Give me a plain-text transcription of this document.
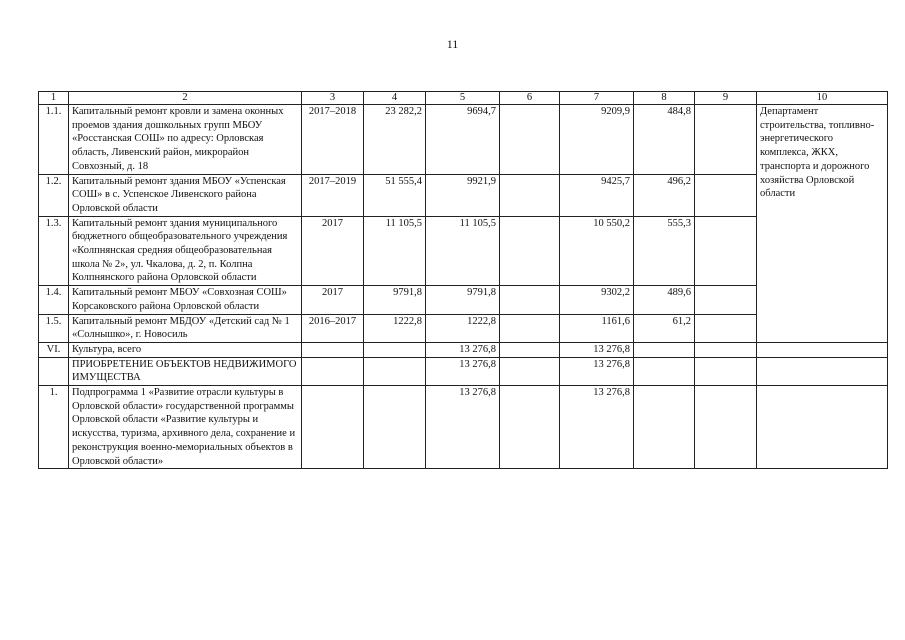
11
1	2	3	4	5	6	7	8	9	10
1.1.	Капитальный ремонт кровли и замена оконных проемов здания дошкольных групп МБОУ «Росстанская СОШ» по адресу: Орловская область, Ливенский район, микрорайон Совхозный, д. 18	2017–2018	23 282,2	9694,7		9209,9	484,8		Департамент строительства, топливно-энергетического комплекса, ЖКХ, транспорта и дорожного хозяйства Орловской области
1.2.	Капитальный ремонт здания МБОУ «Успенская СОШ» в с. Успенское Ливенского района Орловской области	2017–2019	51 555,4	9921,9		9425,7	496,2		
1.3.	Капитальный ремонт здания муниципального бюджетного общеобразовательного учреждения «Колпнянская средняя общеобразовательная школа № 2», ул. Чкалова, д. 2, п. Колпна Колпнянского района Орловской области	2017	11 105,5	11 105,5		10 550,2	555,3		
1.4.	Капитальный ремонт МБОУ «Совхозная СОШ» Корсаковского района Орловской области	2017	9791,8	9791,8		9302,2	489,6		
1.5.	Капитальный ремонт МБДОУ «Детский сад № 1 «Солнышко», г. Новосиль	2016–2017	1222,8	1222,8		1161,6	61,2		
VI.	Культура, всего			13 276,8		13 276,8			
	ПРИОБРЕТЕНИЕ ОБЪЕКТОВ НЕДВИЖИМОГО ИМУЩЕСТВА			13 276,8		13 276,8			
1.	Подпрограмма 1 «Развитие отрасли культуры в Орловской области» государственной программы Орловской области «Развитие культуры и искусства, туризма, архивного дела, сохранение и реконструкция военно-мемориальных объектов в Орловской области»			13 276,8		13 276,8			
